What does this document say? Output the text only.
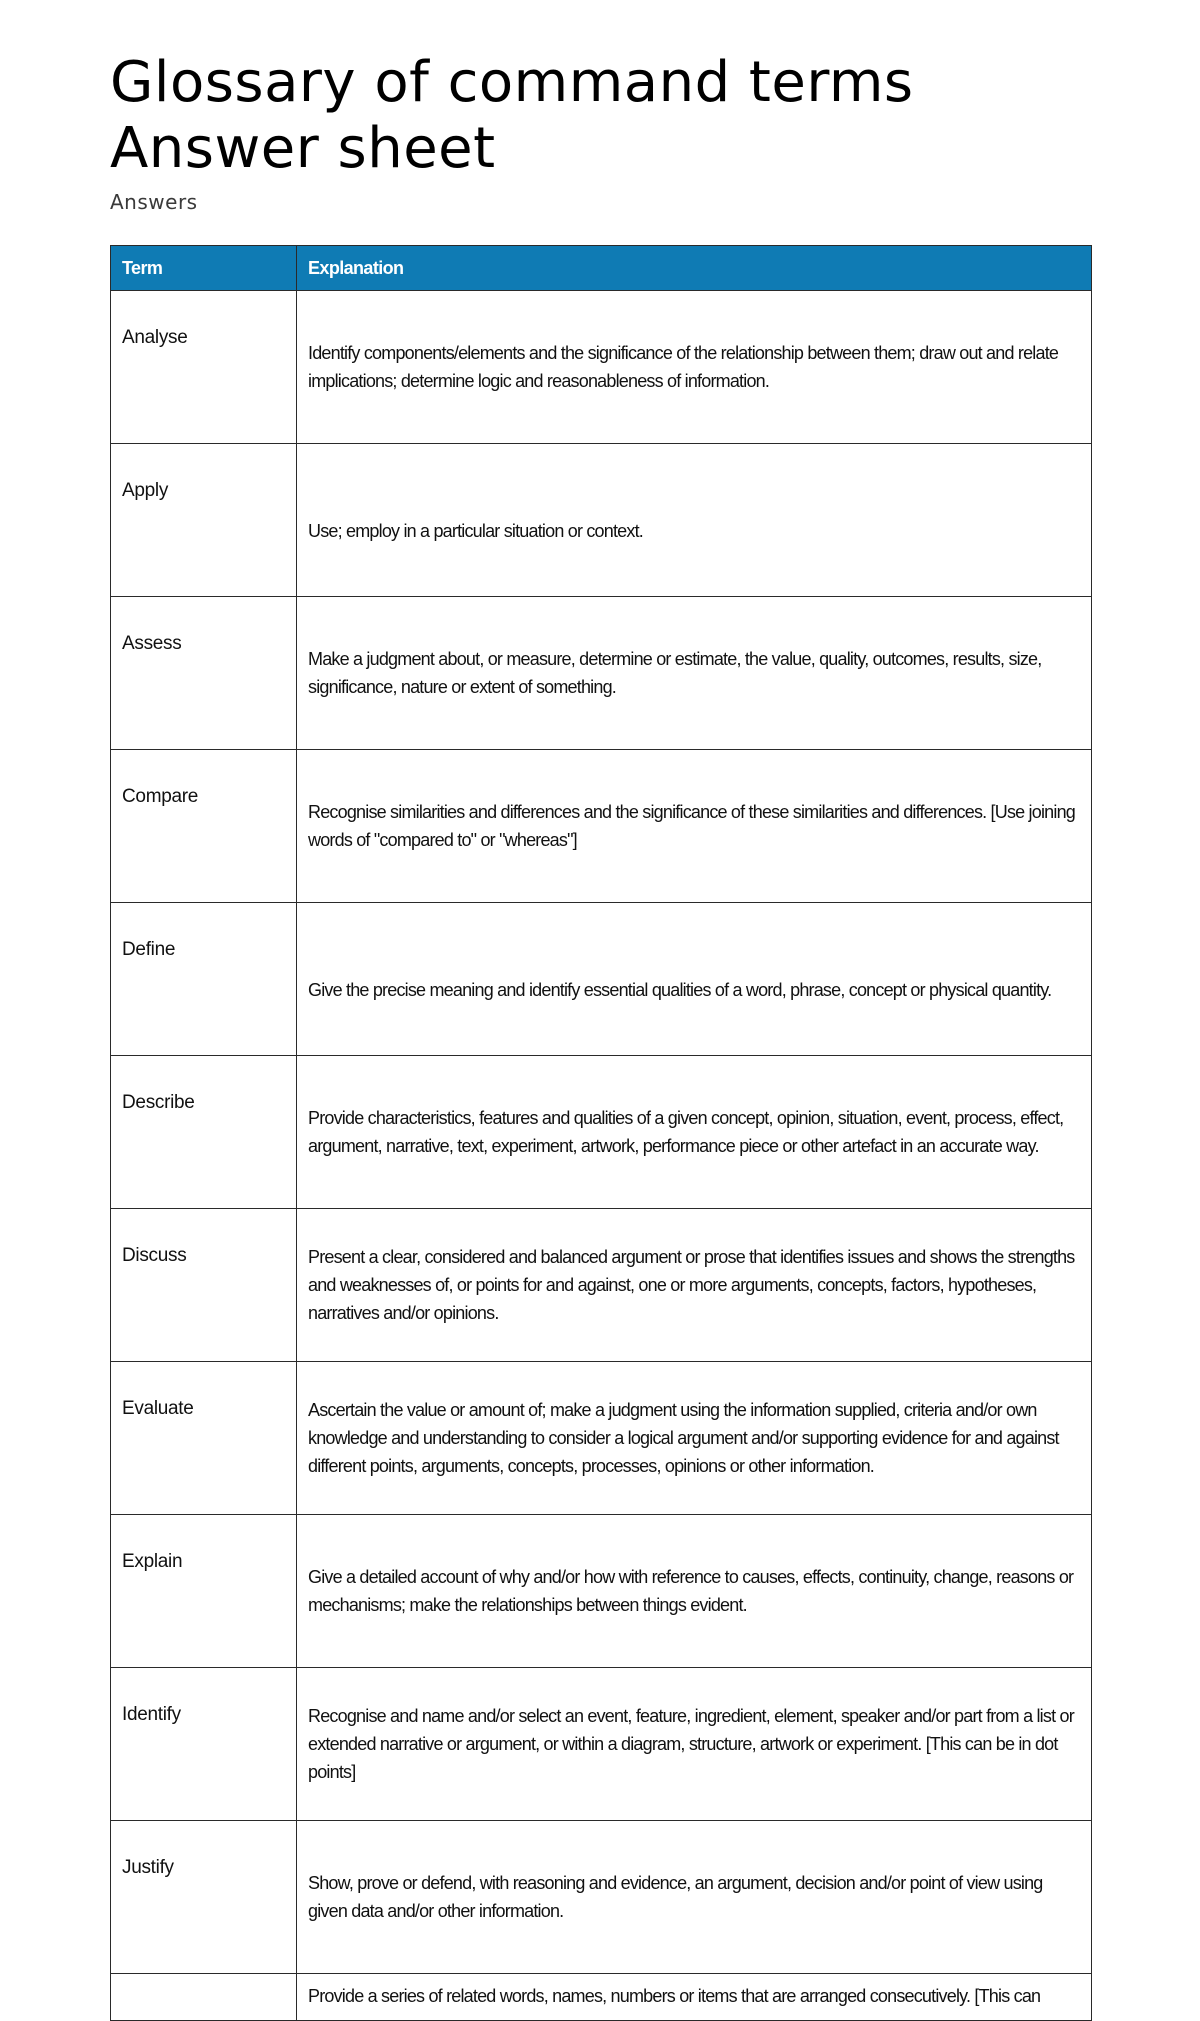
Glossary of command terms
Answer sheet
Answers
Term	Explanation
Analyse	Identify components/elements and the significance of the relationship between them; draw out and relate implications; determine logic and reasonableness of information.
Apply	Use; employ in a particular situation or context.
Assess	Make a judgment about, or measure, determine or estimate, the value, quality, outcomes, results, size, significance, nature or extent of something.
Compare	Recognise similarities and differences and the significance of these similarities and differences. [Use joining words of "compared to" or "whereas"]
Define	Give the precise meaning and identify essential qualities of a word, phrase, concept or physical quantity.
Describe	Provide characteristics, features and qualities of a given concept, opinion, situation, event, process, effect, argument, narrative, text, experiment, artwork, performance piece or other artefact in an accurate way.
Discuss	Present a clear, considered and balanced argument or prose that identifies issues and shows the strengths and weaknesses of, or points for and against, one or more arguments, concepts, factors, hypotheses, narratives and/or opinions.
Evaluate	Ascertain the value or amount of; make a judgment using the information supplied, criteria and/or own knowledge and understanding to consider a logical argument and/or supporting evidence for and against different points, arguments, concepts, processes, opinions or other information.
Explain	Give a detailed account of why and/or how with reference to causes, effects, continuity, change, reasons or mechanisms; make the relationships between things evident.
Identify	Recognise and name and/or select an event, feature, ingredient, element, speaker and/or part from a list or extended narrative or argument, or within a diagram, structure, artwork or experiment. [This can be in dot points]
Justify	Show, prove or defend, with reasoning and evidence, an argument, decision and/or point of view using given data and/or other information.

	Provide a series of related words, names, numbers or items that are arranged consecutively. [This can
